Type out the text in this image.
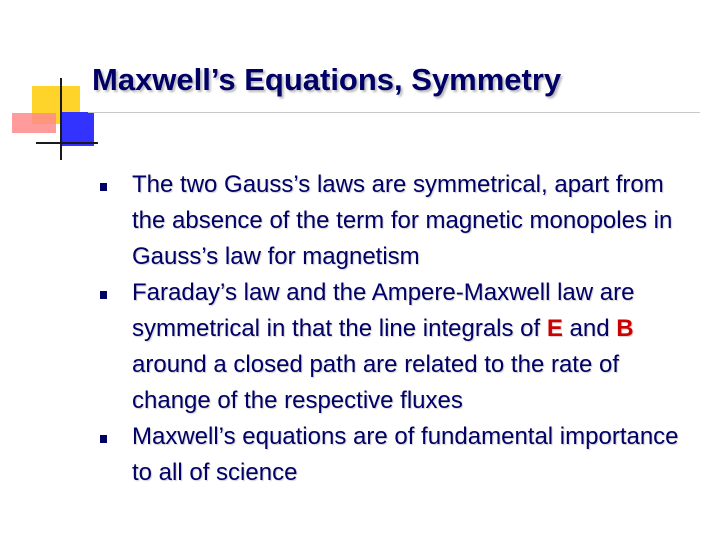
Maxwell’s Equations, Symmetry
The two Gauss’s laws are symmetrical, apart from the absence of the term for magnetic monopoles in Gauss’s law for magnetism
Faraday’s law and the Ampere-Maxwell law are symmetrical in that the line integrals of E and B around a closed path are related to the rate of change of the respective fluxes
Maxwell’s equations are of fundamental importance to all of science
